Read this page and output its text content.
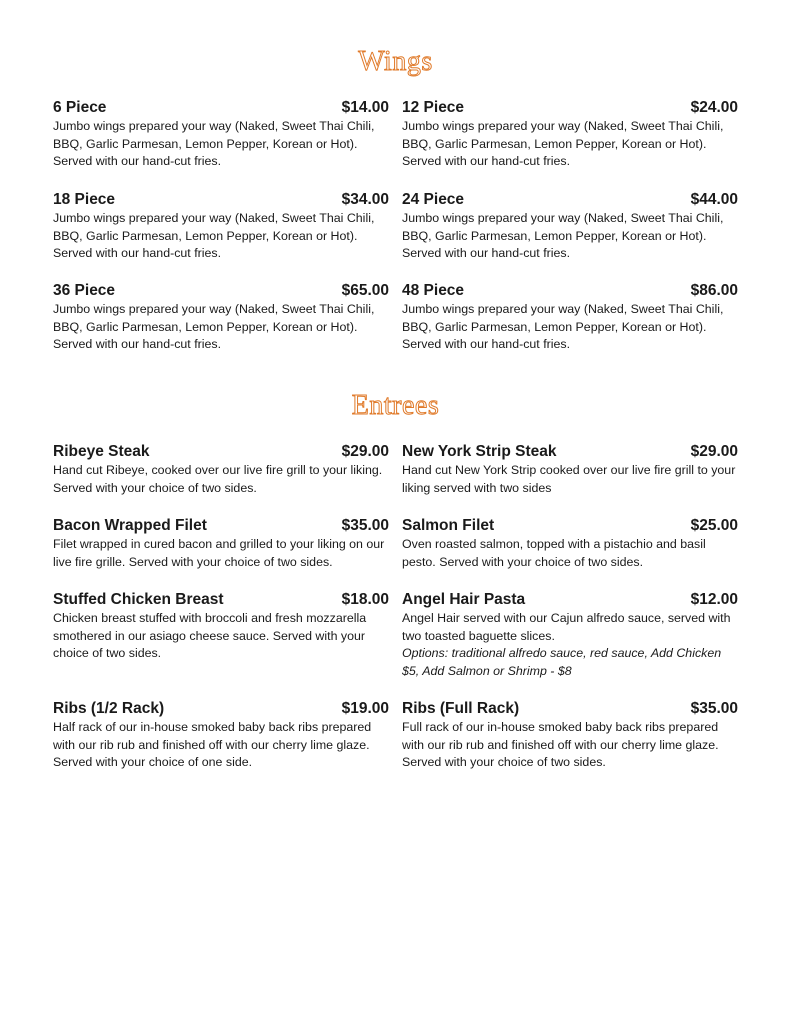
Wings
6 Piece	$14.00
Jumbo wings prepared your way (Naked, Sweet Thai Chili, BBQ, Garlic Parmesan, Lemon Pepper, Korean or Hot). Served with our hand-cut fries.
12 Piece	$24.00
Jumbo wings prepared your way (Naked, Sweet Thai Chili, BBQ, Garlic Parmesan, Lemon Pepper, Korean or Hot). Served with our hand-cut fries.
18 Piece	$34.00
Jumbo wings prepared your way (Naked, Sweet Thai Chili, BBQ, Garlic Parmesan, Lemon Pepper, Korean or Hot). Served with our hand-cut fries.
24 Piece	$44.00
Jumbo wings prepared your way (Naked, Sweet Thai Chili, BBQ, Garlic Parmesan, Lemon Pepper, Korean or Hot). Served with our hand-cut fries.
36 Piece	$65.00
Jumbo wings prepared your way (Naked, Sweet Thai Chili, BBQ, Garlic Parmesan, Lemon Pepper, Korean or Hot). Served with our hand-cut fries.
48 Piece	$86.00
Jumbo wings prepared your way (Naked, Sweet Thai Chili, BBQ, Garlic Parmesan, Lemon Pepper, Korean or Hot). Served with our hand-cut fries.
Entrees
Ribeye Steak	$29.00
Hand cut Ribeye, cooked over our live fire grill to your liking. Served with your choice of two sides.
New York Strip Steak	$29.00
Hand cut New York Strip cooked over our live fire grill to your liking served with two sides
Bacon Wrapped Filet	$35.00
Filet wrapped in cured bacon and grilled to your liking on our live fire grille. Served with your choice of two sides.
Salmon Filet	$25.00
Oven roasted salmon, topped with a pistachio and basil pesto. Served with your choice of two sides.
Stuffed Chicken Breast	$18.00
Chicken breast stuffed with broccoli and fresh mozzarella smothered in our asiago cheese sauce. Served with your choice of two sides.
Angel Hair Pasta	$12.00
Angel Hair served with our Cajun alfredo sauce, served with two toasted baguette slices.
Options: traditional alfredo sauce, red sauce, Add Chicken $5, Add Salmon or Shrimp - $8
Ribs (1/2 Rack)	$19.00
Half rack of our in-house smoked baby back ribs prepared with our rib rub and finished off with our cherry lime glaze. Served with your choice of one side.
Ribs (Full Rack)	$35.00
Full rack of our in-house smoked baby back ribs prepared with our rib rub and finished off with our cherry lime glaze. Served with your choice of two sides.
